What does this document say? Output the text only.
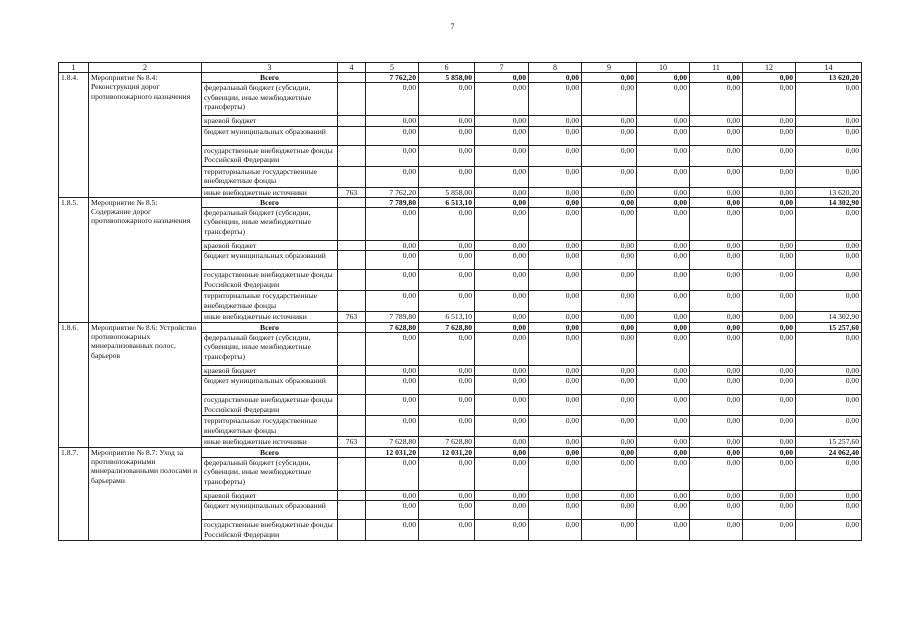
7
1	2	3	4	5	6	7	8	9	10	11	12	14
1.8.4.	Мероприятие № 8.4: Реконструкция дорог противопожарного назначения	Всего		7 762,20	5 858,00	0,00	0,00	0,00	0,00	0,00	0,00	13 620,20
		федеральный бюджет (субсидии, субвенции, иные межбюджетные трансферты)		0,00	0,00	0,00	0,00	0,00	0,00	0,00	0,00	0,00
		краевой бюджет		0,00	0,00	0,00	0,00	0,00	0,00	0,00	0,00	0,00
		бюджет муниципальных образований		0,00	0,00	0,00	0,00	0,00	0,00	0,00	0,00	0,00
		государственные внебюджетные фонды Российской Федерации		0,00	0,00	0,00	0,00	0,00	0,00	0,00	0,00	0,00
		территориальные государственные внебюджетные фонды		0,00	0,00	0,00	0,00	0,00	0,00	0,00	0,00	0,00
		иные внебюджетные источники	763	7 762,20	5 858,00	0,00	0,00	0,00	0,00	0,00	0,00	13 620,20
1.8.5.	Мероприятие № 8.5: Содержание дорог противопожарного назначения	Всего		7 789,80	6 513,10	0,00	0,00	0,00	0,00	0,00	0,00	14 302,90
		федеральный бюджет (субсидии, субвенции, иные межбюджетные трансферты)		0,00	0,00	0,00	0,00	0,00	0,00	0,00	0,00	0,00
		краевой бюджет		0,00	0,00	0,00	0,00	0,00	0,00	0,00	0,00	0,00
		бюджет муниципальных образований		0,00	0,00	0,00	0,00	0,00	0,00	0,00	0,00	0,00
		государственные внебюджетные фонды Российской Федерации		0,00	0,00	0,00	0,00	0,00	0,00	0,00	0,00	0,00
		территориальные государственные внебюджетные фонды		0,00	0,00	0,00	0,00	0,00	0,00	0,00	0,00	0,00
		иные внебюджетные источники	763	7 789,80	6 513,10	0,00	0,00	0,00	0,00	0,00	0,00	14 302,90
1.8.6.	Мероприятие № 8.6: Устройство противопожарных минерализованных полос, барьеров	Всего		7 628,80	7 628,80	0,00	0,00	0,00	0,00	0,00	0,00	15 257,60
		федеральный бюджет (субсидии, субвенции, иные межбюджетные трансферты)		0,00	0,00	0,00	0,00	0,00	0,00	0,00	0,00	0,00
		краевой бюджет		0,00	0,00	0,00	0,00	0,00	0,00	0,00	0,00	0,00
		бюджет муниципальных образований		0,00	0,00	0,00	0,00	0,00	0,00	0,00	0,00	0,00
		государственные внебюджетные фонды Российской Федерации		0,00	0,00	0,00	0,00	0,00	0,00	0,00	0,00	0,00
		территориальные государственные внебюджетные фонды		0,00	0,00	0,00	0,00	0,00	0,00	0,00	0,00	0,00
		иные внебюджетные источники	763	7 628,80	7 628,80	0,00	0,00	0,00	0,00	0,00	0,00	15 257,60
1.8.7.	Мероприятие № 8.7: Уход за противопожарными минерализованными полосами и барьерами	Всего		12 031,20	12 031,20	0,00	0,00	0,00	0,00	0,00	0,00	24 062,40
		федеральный бюджет (субсидии, субвенции, иные межбюджетные трансферты)		0,00	0,00	0,00	0,00	0,00	0,00	0,00	0,00	0,00
		краевой бюджет		0,00	0,00	0,00	0,00	0,00	0,00	0,00	0,00	0,00
		бюджет муниципальных образований		0,00	0,00	0,00	0,00	0,00	0,00	0,00	0,00	0,00
		государственные внебюджетные фонды Российской Федерации		0,00	0,00	0,00	0,00	0,00	0,00	0,00	0,00	0,00
